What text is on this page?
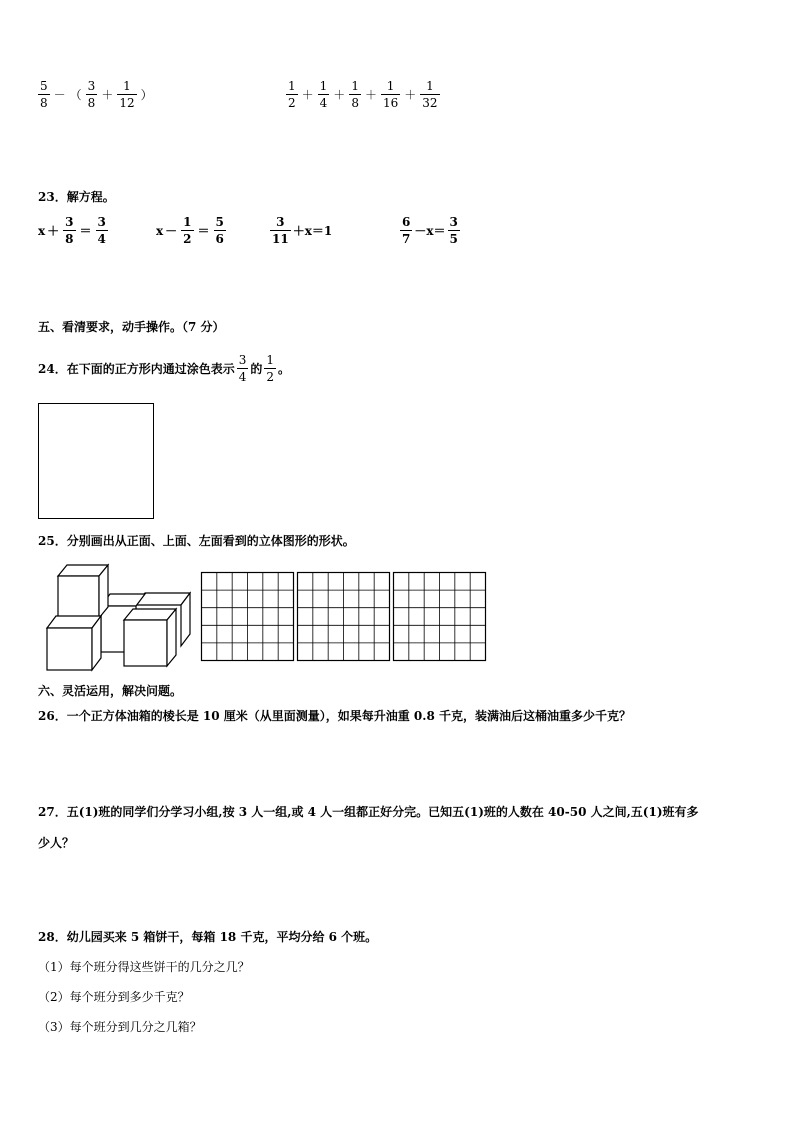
$\frac{5}{8}$ － （ $\frac{3}{8} + \frac{1}{12}$ ）	$\frac{1}{2} + \frac{1}{4} + \frac{1}{8} + \frac{1}{16} + \frac{1}{32}$
23．解方程。
$x + \frac{3}{8} = \frac{3}{4}$	$x - \frac{1}{2} = \frac{5}{6}$	$\frac{3}{11} +x=1$	$\frac{6}{7} -x= \frac{3}{5}$
五、看清要求，动手操作。（7 分）
24．在下面的正方形内通过涂色表示 $\frac{3}{4}$ 的 $\frac{1}{2}$ 。
25．分别画出从正面、上面、左面看到的立体图形的形状。
六、灵活运用，解决问题。
26．一个正方体油箱的棱长是 10 厘米（从里面测量），如果每升油重 0.8 千克，装满油后这桶油重多少千克？
27．五(1)班的同学们分学习小组,按 3 人一组,或 4 人一组都正好分完。已知五(1)班的人数在 40-50 人之间,五(1)班有多
少人？
28．幼儿园买来 5 箱饼干，每箱 18 千克，平均分给 6 个班。
（1）每个班分得这些饼干的几分之几？
（2）每个班分到多少千克？
（3）每个班分到几分之几箱？
